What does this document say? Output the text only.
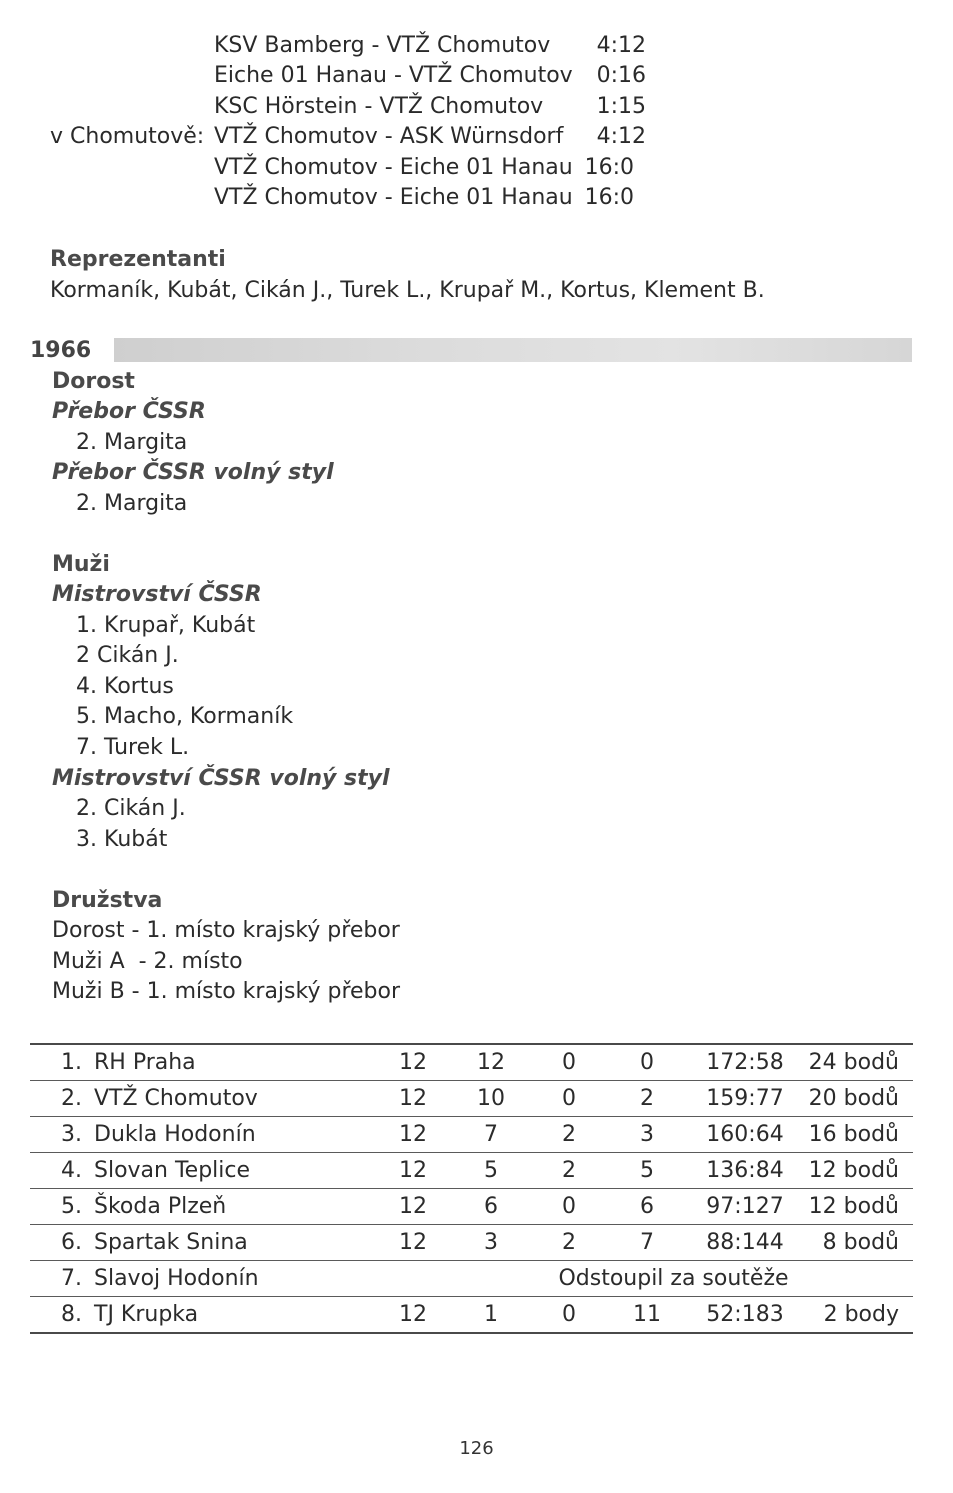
KSV Bamberg - VTŽ Chomutov	4:12
Eiche 01 Hanau - VTŽ Chomutov	0:16
KSC Hörstein - VTŽ Chomutov	1:15
v Chomutově: VTŽ Chomutov - ASK Würnsdorf	4:12
VTŽ Chomutov - Eiche 01 Hanau 16:0
VTŽ Chomutov - Eiche 01 Hanau 16:0
Reprezentanti
Kormaník, Kubát, Cikán J., Turek L., Krupař M., Kortus, Klement B.
1966
Dorost
Přebor ČSSR
2. Margita
Přebor ČSSR volný styl
2. Margita
Muži
Mistrovství ČSSR
1. Krupař, Kubát
2 Cikán J.
4. Kortus
5. Macho, Kormaník
7. Turek L.
Mistrovství ČSSR volný styl
2. Cikán J.
3. Kubát
Družstva
Dorost - 1. místo krajský přebor
Muži A  - 2. místo
Muži B - 1. místo krajský přebor
1.	RH Praha	12	12	0	0	172:58	24 bodů
2.	VTŽ Chomutov	12	10	0	2	159:77	20 bodů
3.	Dukla Hodonín	12	7	2	3	160:64	16 bodů
4.	Slovan Teplice	12	5	2	5	136:84	12 bodů
5.	Škoda Plzeň	12	6	0	6	97:127	12 bodů
6.	Spartak Snina	12	3	2	7	88:144	8 bodů
7.	Slavoj Hodonín	Odstoupil za soutěže					
8.	TJ Krupka	12	1	0	11	52:183	2 body
126
